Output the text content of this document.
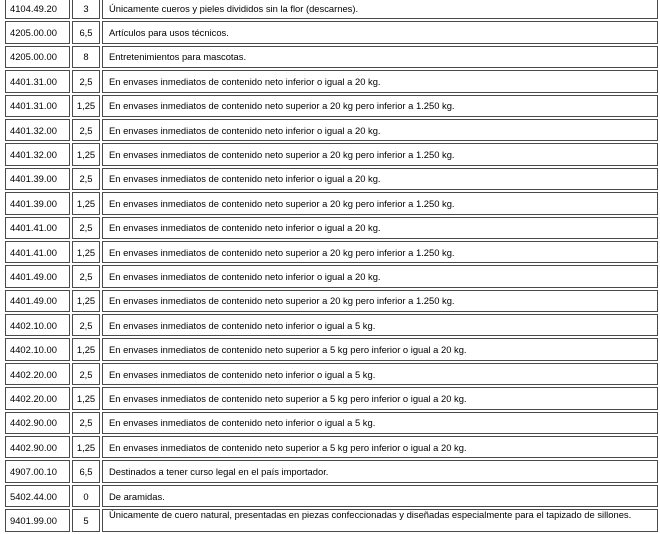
4104.49.20	3	Únicamente cueros y pieles divididos sin la flor (descarnes).
4205.00.00	6,5	Artículos para usos técnicos.
4205.00.00	8	Entretenimientos para mascotas.
4401.31.00	2,5	En envases inmediatos de contenido neto inferior o igual a 20 kg.
4401.31.00	1,25	En envases inmediatos de contenido neto superior a 20 kg pero inferior a 1.250 kg.
4401.32.00	2,5	En envases inmediatos de contenido neto inferior o igual a 20 kg.
4401.32.00	1,25	En envases inmediatos de contenido neto superior a 20 kg pero inferior a 1.250 kg.
4401.39.00	2,5	En envases inmediatos de contenido neto inferior o igual a 20 kg.
4401.39.00	1,25	En envases inmediatos de contenido neto superior a 20 kg pero inferior a 1.250 kg.
4401.41.00	2,5	En envases inmediatos de contenido neto inferior o igual a 20 kg.
4401.41.00	1,25	En envases inmediatos de contenido neto superior a 20 kg pero inferior a 1.250 kg.
4401.49.00	2,5	En envases inmediatos de contenido neto inferior o igual a 20 kg.
4401.49.00	1,25	En envases inmediatos de contenido neto superior a 20 kg pero inferior a 1.250 kg.
4402.10.00	2,5	En envases inmediatos de contenido neto inferior o igual a 5 kg.
4402.10.00	1,25	En envases inmediatos de contenido neto superior a 5 kg pero inferior o igual a 20 kg.
4402.20.00	2,5	En envases inmediatos de contenido neto inferior o igual a 5 kg.
4402.20.00	1,25	En envases inmediatos de contenido neto superior a 5 kg pero inferior o igual a 20 kg.
4402.90.00	2,5	En envases inmediatos de contenido neto inferior o igual a 5 kg.
4402.90.00	1,25	En envases inmediatos de contenido neto superior a 5 kg pero inferior o igual a 20 kg.
4907.00.10	6,5	Destinados a tener curso legal en el país importador.
5402.44.00	0	De aramidas.
9401.99.00	5	Únicamente de cuero natural, presentadas en piezas confeccionadas y diseñadas especialmente para el tapizado de sillones.
